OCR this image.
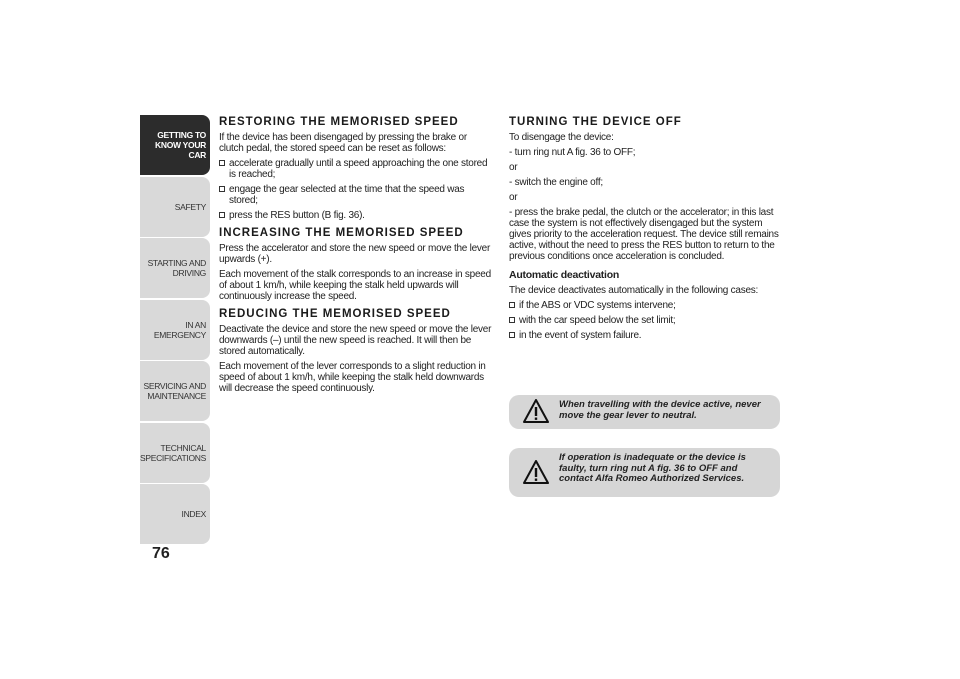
GETTING TO
KNOW YOUR CAR
SAFETY
STARTING AND
DRIVING
IN AN EMERGENCY
SERVICING AND
MAINTENANCE
TECHNICAL
SPECIFICATIONS
INDEX
76
RESTORING THE MEMORISED SPEED

If the device has been disengaged by pressing the brake or clutch pedal, the stored speed can be reset as follows:

accelerate gradually until a speed approaching the one stored is reached;
engage the gear selected at the time that the speed was stored;
press the RES button (B fig. 36).
INCREASING THE MEMORISED SPEED

Press the accelerator and store the new speed or move the lever upwards (+).

Each movement of the stalk corresponds to an increase in speed of about 1 km/h, while keeping the stalk held upwards will continuously increase the speed.

REDUCING THE MEMORISED SPEED

Deactivate the device and store the new speed or move the lever downwards (–) until the new speed is reached. It will then be stored automatically.

Each movement of the lever corresponds to a slight reduction in speed of about 1 km/h, while keeping the stalk held downwards will decrease the speed continuously.

TURNING THE DEVICE OFF

To disengage the device:

- turn ring nut A fig. 36 to OFF;

or

- switch the engine off;

or

- press the brake pedal, the clutch or the accelerator; in this last case the system is not effectively disengaged but the system gives priority to the acceleration request. The device still remains active, without the need to press the RES button to return to the previous conditions once acceleration is concluded.

Automatic deactivation

The device deactivates automatically in the following cases:

if the ABS or VDC systems intervene;
with the car speed below the set limit;
in the event of system failure.
When travelling with the device active, never move the gear lever to neutral.
If operation is inadequate or the device is faulty, turn ring nut A fig. 36 to OFF and contact Alfa Romeo Authorized Services.
